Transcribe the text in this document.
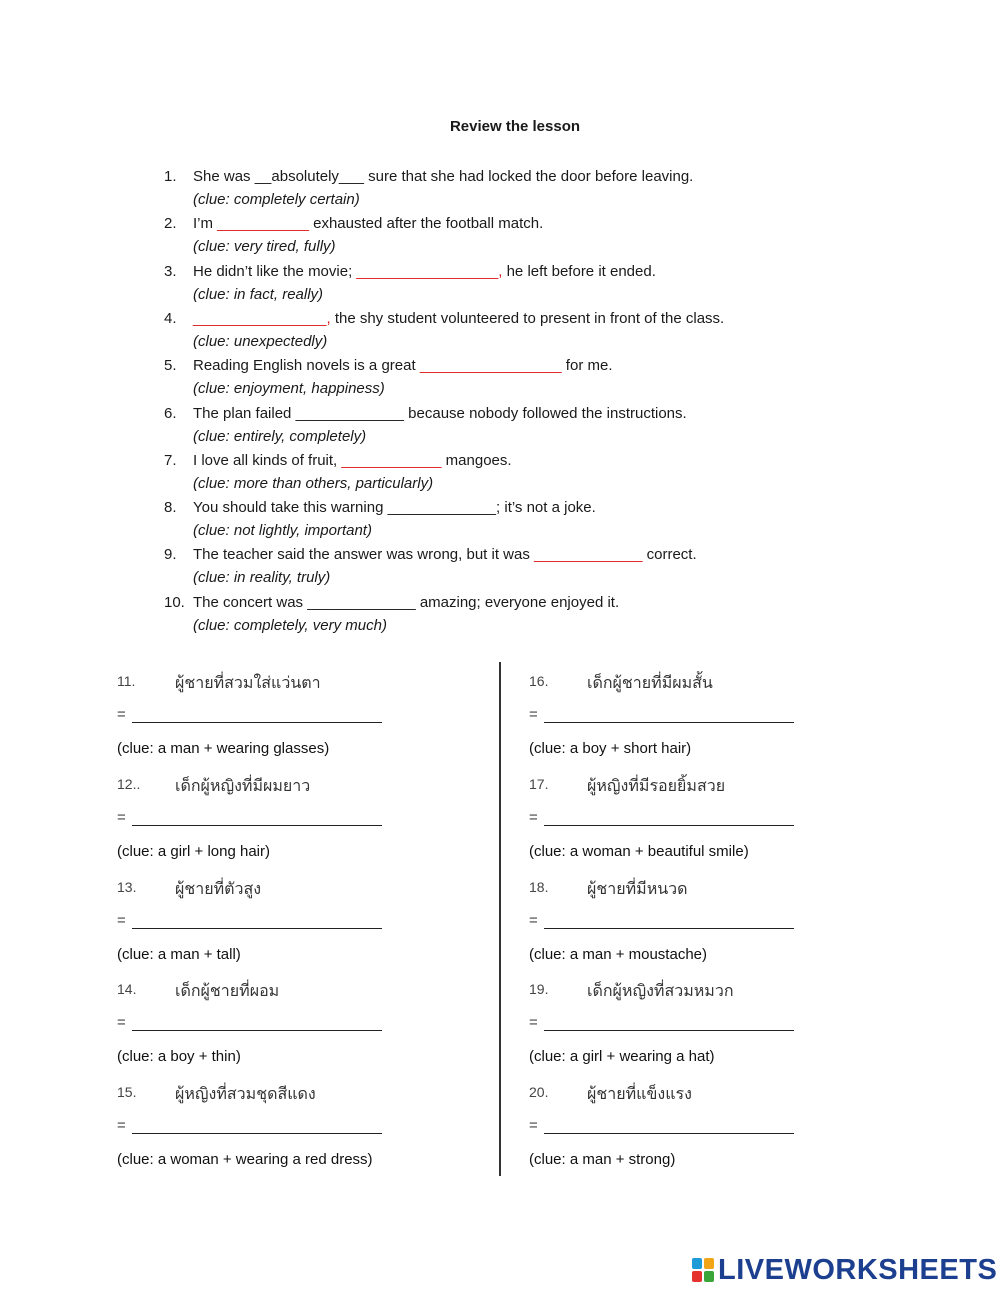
Review the lesson
1.	She was __absolutely___ sure that she had locked the door before leaving.
(clue: completely certain)
2.	I’m ___________ exhausted after the football match.
(clue: very tired, fully)
3.	He didn’t like the movie; _________________, he left before it ended.
(clue: in fact, really)
4.	________________, the shy student volunteered to present in front of the class.
(clue: unexpectedly)
5.	Reading English novels is a great _________________ for me.
(clue: enjoyment, happiness)
6.	The plan failed _____________ because nobody followed the instructions.
(clue: entirely, completely)
7.	I love all kinds of fruit, ____________ mangoes.
(clue: more than others, particularly)
8.	You should take this warning _____________; it’s not a joke.
(clue: not lightly, important)
9.	The teacher said the answer was wrong, but it was _____________ correct.
(clue: in reality, truly)
10. The concert was _____________ amazing; everyone enjoyed it.
(clue: completely, very much)
11. ผู้ชายที่สวมใส่แว่นตา
=
(clue: a man + wearing glasses)
12.. เด็กผู้หญิงที่มีผมยาว
=
(clue: a girl + long hair)
13. ผู้ชายที่ตัวสูง
=
(clue: a man + tall)
14. เด็กผู้ชายที่ผอม
=
(clue: a boy + thin)
15. ผู้หญิงที่สวมชุดสีแดง
=
(clue: a woman + wearing a red dress)
16. เด็กผู้ชายที่มีผมสั้น
=
(clue: a boy + short hair)
17. ผู้หญิงที่มีรอยยิ้มสวย
=
(clue: a woman + beautiful smile)
18. ผู้ชายที่มีหนวด
=
(clue: a man + moustache)
19. เด็กผู้หญิงที่สวมหมวก
=
(clue: a girl + wearing a hat)
20. ผู้ชายที่แข็งแรง
=
(clue: a man + strong)
LIVEWORKSHEETS
